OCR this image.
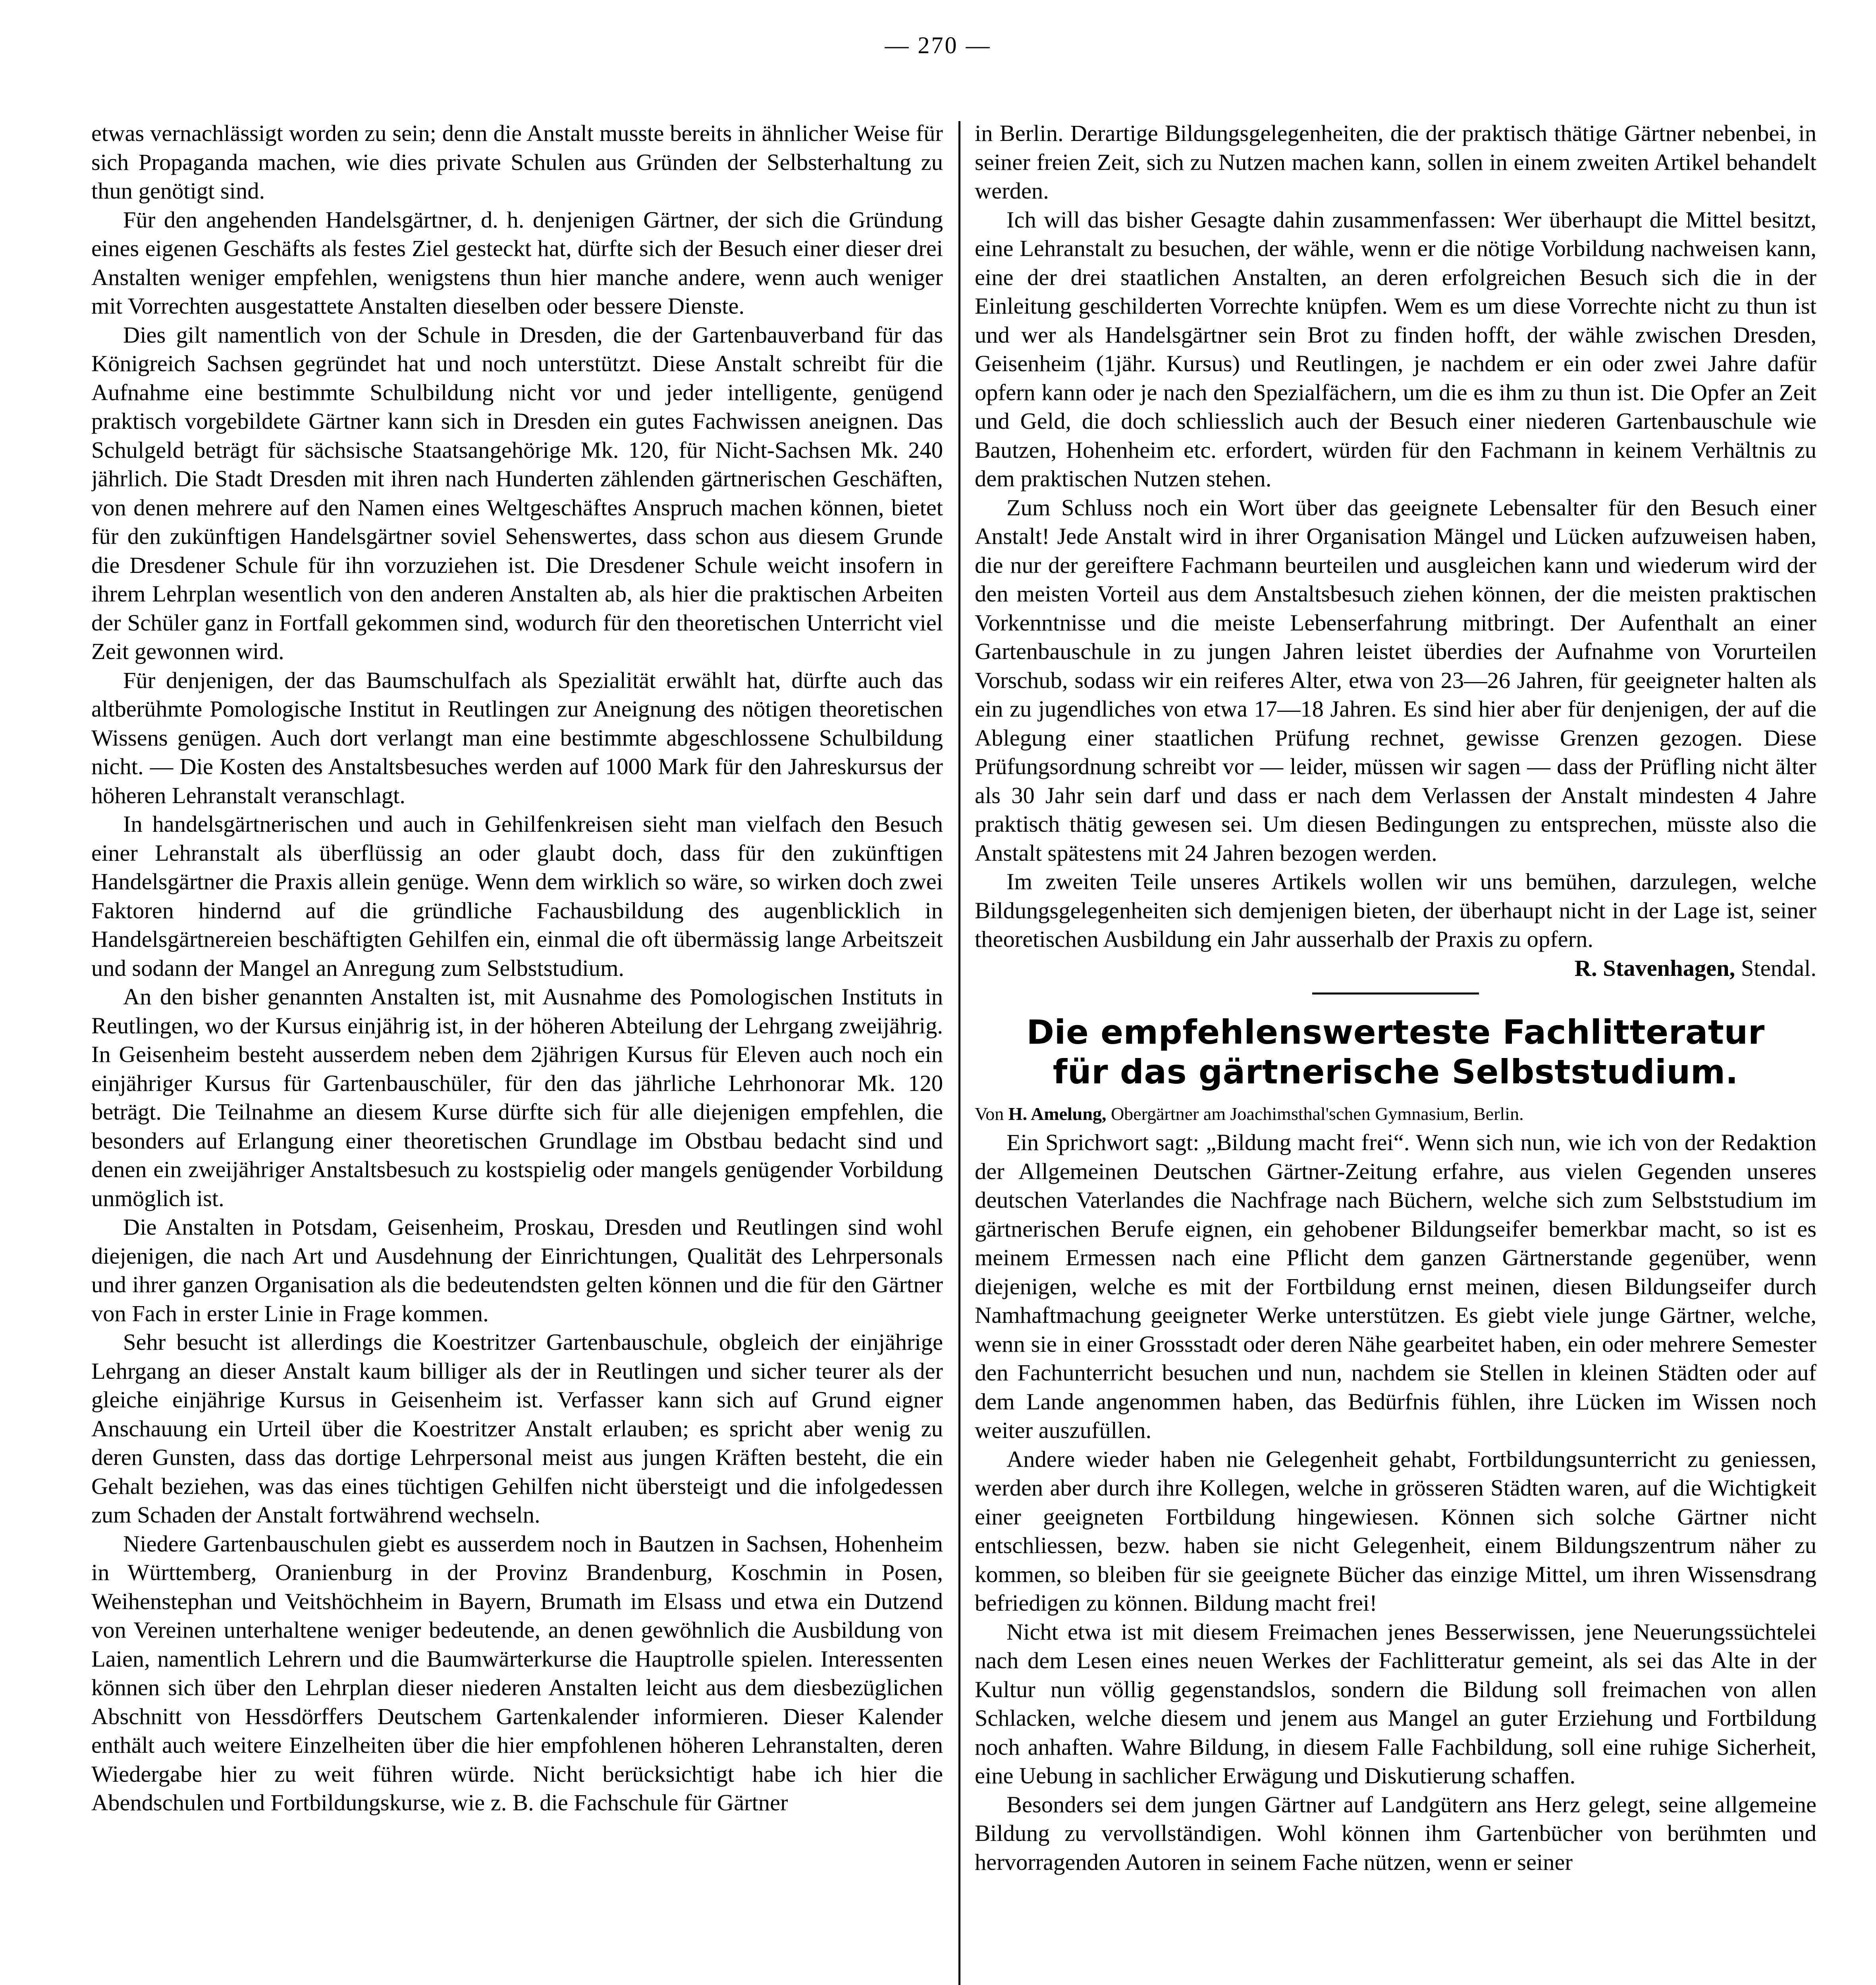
— 270 —

etwas vernachlässigt worden zu sein; denn die Anstalt musste bereits in ähnlicher Weise für sich Propaganda machen, wie dies private Schulen aus Gründen der Selbsterhaltung zu thun genötigt sind.

Für den angehenden Handelsgärtner, d. h. denjenigen Gärtner, der sich die Gründung eines eigenen Geschäfts als festes Ziel gesteckt hat, dürfte sich der Besuch einer dieser drei Anstalten weniger empfehlen, wenigstens thun hier manche andere, wenn auch weniger mit Vorrechten ausgestattete Anstalten dieselben oder bessere Dienste.

Dies gilt namentlich von der Schule in Dresden, die der Gartenbauverband für das Königreich Sachsen gegründet hat und noch unterstützt. Diese Anstalt schreibt für die Aufnahme eine bestimmte Schulbildung nicht vor und jeder intelligente, genügend praktisch vorgebildete Gärtner kann sich in Dresden ein gutes Fachwissen aneignen. Das Schulgeld beträgt für sächsische Staatsangehörige Mk. 120, für Nicht-Sachsen Mk. 240 jährlich. Die Stadt Dresden mit ihren nach Hunderten zählenden gärtnerischen Geschäften, von denen mehrere auf den Namen eines Weltgeschäftes Anspruch machen können, bietet für den zukünftigen Handelsgärtner soviel Sehenswertes, dass schon aus diesem Grunde die Dresdener Schule für ihn vorzuziehen ist. Die Dresdener Schule weicht insofern in ihrem Lehrplan wesentlich von den anderen Anstalten ab, als hier die praktischen Arbeiten der Schüler ganz in Fortfall gekommen sind, wodurch für den theoretischen Unterricht viel Zeit gewonnen wird.

Für denjenigen, der das Baumschulfach als Spezialität erwählt hat, dürfte auch das altberühmte Pomologische Institut in Reutlingen zur Aneignung des nötigen theoretischen Wissens genügen. Auch dort verlangt man eine bestimmte abgeschlossene Schulbildung nicht. — Die Kosten des Anstaltsbesuches werden auf 1000 Mark für den Jahreskursus der höheren Lehranstalt veranschlagt.

In handelsgärtnerischen und auch in Gehilfenkreisen sieht man vielfach den Besuch einer Lehranstalt als überflüssig an oder glaubt doch, dass für den zukünftigen Handelsgärtner die Praxis allein genüge. Wenn dem wirklich so wäre, so wirken doch zwei Faktoren hindernd auf die gründliche Fachausbildung des augenblicklich in Handelsgärtnereien beschäftigten Gehilfen ein, einmal die oft übermässig lange Arbeitszeit und sodann der Mangel an Anregung zum Selbststudium.

An den bisher genannten Anstalten ist, mit Ausnahme des Pomologischen Instituts in Reutlingen, wo der Kursus einjährig ist, in der höheren Abteilung der Lehrgang zweijährig. In Geisenheim besteht ausserdem neben dem 2jährigen Kursus für Eleven auch noch ein einjähriger Kursus für Gartenbauschüler, für den das jährliche Lehrhonorar Mk. 120 beträgt. Die Teilnahme an diesem Kurse dürfte sich für alle diejenigen empfehlen, die besonders auf Erlangung einer theoretischen Grundlage im Obstbau bedacht sind und denen ein zweijähriger Anstaltsbesuch zu kostspielig oder mangels genügender Vorbildung unmöglich ist.

Die Anstalten in Potsdam, Geisenheim, Proskau, Dresden und Reutlingen sind wohl diejenigen, die nach Art und Ausdehnung der Einrichtungen, Qualität des Lehrpersonals und ihrer ganzen Organisation als die bedeutendsten gelten können und die für den Gärtner von Fach in erster Linie in Frage kommen.

Sehr besucht ist allerdings die Koestritzer Gartenbauschule, obgleich der einjährige Lehrgang an dieser Anstalt kaum billiger als der in Reutlingen und sicher teurer als der gleiche einjährige Kursus in Geisenheim ist. Verfasser kann sich auf Grund eigner Anschauung ein Urteil über die Koestritzer Anstalt erlauben; es spricht aber wenig zu deren Gunsten, dass das dortige Lehrpersonal meist aus jungen Kräften besteht, die ein Gehalt beziehen, was das eines tüchtigen Gehilfen nicht übersteigt und die infolgedessen zum Schaden der Anstalt fortwährend wechseln.

Niedere Gartenbauschulen giebt es ausserdem noch in Bautzen in Sachsen, Hohenheim in Württemberg, Oranienburg in der Provinz Brandenburg, Koschmin in Posen, Weihenstephan und Veitshöchheim in Bayern, Brumath im Elsass und etwa ein Dutzend von Vereinen unterhaltene weniger bedeutende, an denen gewöhnlich die Ausbildung von Laien, namentlich Lehrern und die Baumwärterkurse die Hauptrolle spielen. Interessenten können sich über den Lehrplan dieser niederen Anstalten leicht aus dem diesbezüglichen Abschnitt von Hessdörffers Deutschem Gartenkalender informieren. Dieser Kalender enthält auch weitere Einzelheiten über die hier empfohlenen höheren Lehranstalten, deren Wiedergabe hier zu weit führen würde. Nicht berücksichtigt habe ich hier die Abendschulen und Fortbildungskurse, wie z. B. die Fachschule für Gärtner

in Berlin. Derartige Bildungsgelegenheiten, die der praktisch thätige Gärtner nebenbei, in seiner freien Zeit, sich zu Nutzen machen kann, sollen in einem zweiten Artikel behandelt werden.

Ich will das bisher Gesagte dahin zusammenfassen: Wer überhaupt die Mittel besitzt, eine Lehranstalt zu besuchen, der wähle, wenn er die nötige Vorbildung nachweisen kann, eine der drei staatlichen Anstalten, an deren erfolgreichen Besuch sich die in der Einleitung geschilderten Vorrechte knüpfen. Wem es um diese Vorrechte nicht zu thun ist und wer als Handelsgärtner sein Brot zu finden hofft, der wähle zwischen Dresden, Geisenheim (1jähr. Kursus) und Reutlingen, je nachdem er ein oder zwei Jahre dafür opfern kann oder je nach den Spezialfächern, um die es ihm zu thun ist. Die Opfer an Zeit und Geld, die doch schliesslich auch der Besuch einer niederen Gartenbauschule wie Bautzen, Hohenheim etc. erfordert, würden für den Fachmann in keinem Verhältnis zu dem praktischen Nutzen stehen.

Zum Schluss noch ein Wort über das geeignete Lebensalter für den Besuch einer Anstalt! Jede Anstalt wird in ihrer Organisation Mängel und Lücken aufzuweisen haben, die nur der gereiftere Fachmann beurteilen und ausgleichen kann und wiederum wird der den meisten Vorteil aus dem Anstaltsbesuch ziehen können, der die meisten praktischen Vorkenntnisse und die meiste Lebenserfahrung mitbringt. Der Aufenthalt an einer Gartenbauschule in zu jungen Jahren leistet überdies der Aufnahme von Vorurteilen Vorschub, sodass wir ein reiferes Alter, etwa von 23—26 Jahren, für geeigneter halten als ein zu jugendliches von etwa 17—18 Jahren. Es sind hier aber für denjenigen, der auf die Ablegung einer staatlichen Prüfung rechnet, gewisse Grenzen gezogen. Diese Prüfungsordnung schreibt vor — leider, müssen wir sagen — dass der Prüfling nicht älter als 30 Jahr sein darf und dass er nach dem Verlassen der Anstalt mindesten 4 Jahre praktisch thätig gewesen sei. Um diesen Bedingungen zu entsprechen, müsste also die Anstalt spätestens mit 24 Jahren bezogen werden.

Im zweiten Teile unseres Artikels wollen wir uns bemühen, darzulegen, welche Bildungsgelegenheiten sich demjenigen bieten, der überhaupt nicht in der Lage ist, seiner theoretischen Ausbildung ein Jahr ausserhalb der Praxis zu opfern.

R. Stavenhagen, Stendal.
Die empfehlenswerteste Fachlitteratur
für das gärtnerische Selbststudium.

Von H. Amelung, Obergärtner am Joachimsthal'schen Gymnasium, Berlin.

Ein Sprichwort sagt: „Bildung macht frei“. Wenn sich nun, wie ich von der Redaktion der Allgemeinen Deutschen Gärtner-Zeitung erfahre, aus vielen Gegenden unseres deutschen Vaterlandes die Nachfrage nach Büchern, welche sich zum Selbststudium im gärtnerischen Berufe eignen, ein gehobener Bildungseifer bemerkbar macht, so ist es meinem Ermessen nach eine Pflicht dem ganzen Gärtnerstande gegenüber, wenn diejenigen, welche es mit der Fortbildung ernst meinen, diesen Bildungseifer durch Namhaftmachung geeigneter Werke unterstützen. Es giebt viele junge Gärtner, welche, wenn sie in einer Grossstadt oder deren Nähe gearbeitet haben, ein oder mehrere Semester den Fachunterricht besuchen und nun, nachdem sie Stellen in kleinen Städten oder auf dem Lande angenommen haben, das Bedürfnis fühlen, ihre Lücken im Wissen noch weiter auszufüllen.

Andere wieder haben nie Gelegenheit gehabt, Fortbildungsunterricht zu geniessen, werden aber durch ihre Kollegen, welche in grösseren Städten waren, auf die Wichtigkeit einer geeigneten Fortbildung hingewiesen. Können sich solche Gärtner nicht entschliessen, bezw. haben sie nicht Gelegenheit, einem Bildungszentrum näher zu kommen, so bleiben für sie geeignete Bücher das einzige Mittel, um ihren Wissensdrang befriedigen zu können. Bildung macht frei!

Nicht etwa ist mit diesem Freimachen jenes Besserwissen, jene Neuerungssüchtelei nach dem Lesen eines neuen Werkes der Fachlitteratur gemeint, als sei das Alte in der Kultur nun völlig gegenstandslos, sondern die Bildung soll freimachen von allen Schlacken, welche diesem und jenem aus Mangel an guter Erziehung und Fortbildung noch anhaften. Wahre Bildung, in diesem Falle Fachbildung, soll eine ruhige Sicherheit, eine Uebung in sachlicher Erwägung und Diskutierung schaffen.

Besonders sei dem jungen Gärtner auf Landgütern ans Herz gelegt, seine allgemeine Bildung zu vervollständigen. Wohl können ihm Gartenbücher von berühmten und hervorragenden Autoren in seinem Fache nützen, wenn er seiner
